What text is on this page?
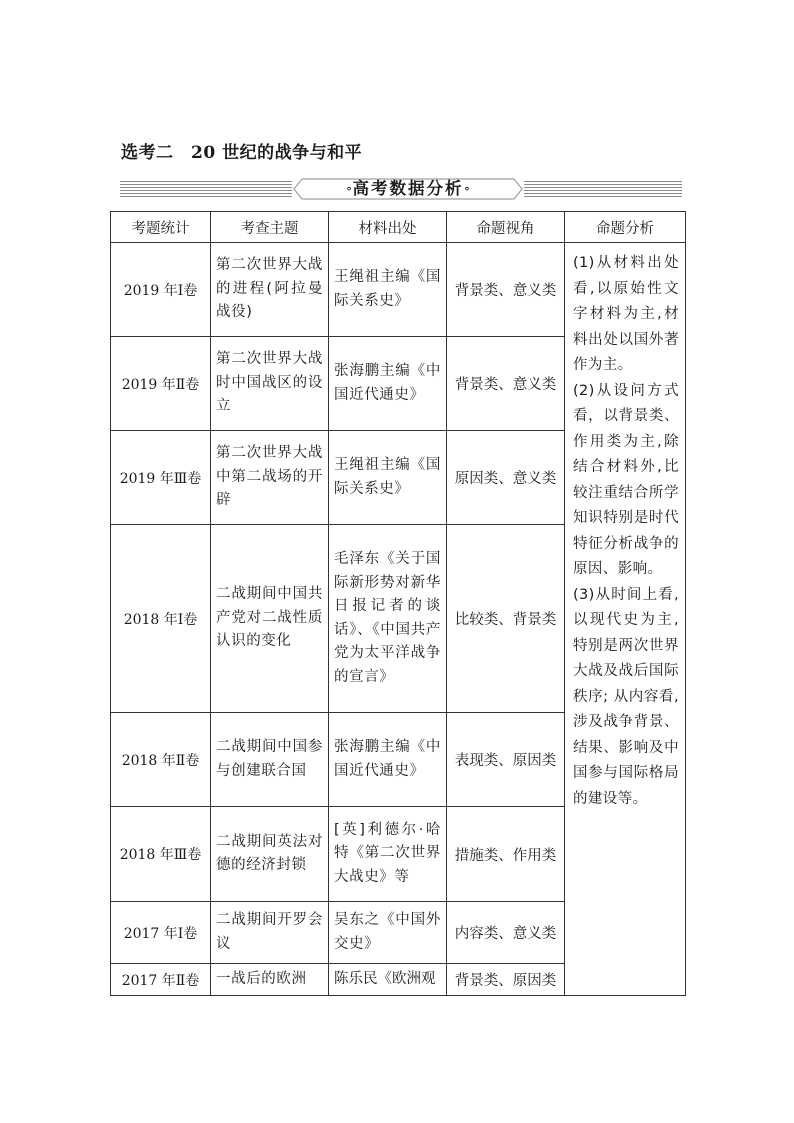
选考二　20 世纪的战争与和平
∘高考数据分析∘
考题统计	考查主题	材料出处	命题视角	命题分析
2019 年Ⅰ卷	第二次世界大战的进程(阿拉曼战役)	王绳祖主编《国际关系史》	背景类、意义类	(1)从材料出处看,以原始性文字材料为主,材料出处以国外著作为主。

(2)从设问方式看，以背景类、作用类为主,除结合材料外,比较注重结合所学知识特别是时代特征分析战争的原因、影响。

(3)从时间上看,以现代史为主,特别是两次世界大战及战后国际秩序; 从内容看,涉及战争背景、结果、影响及中国参与国际格局的建设等。

2019 年Ⅱ卷	第二次世界大战时中国战区的设立	张海鹏主编《中国近代通史》	背景类、意义类	
2019 年Ⅲ卷	第二次世界大战中第二战场的开辟	王绳祖主编《国际关系史》	原因类、意义类	
2018 年Ⅰ卷	二战期间中国共产党对二战性质认识的变化	毛泽东《关于国际新形势对新华日报记者的谈话》、《中国共产党为太平洋战争的宣言》	比较类、背景类	
2018 年Ⅱ卷	二战期间中国参与创建联合国	张海鹏主编《中国近代通史》	表现类、原因类	
2018 年Ⅲ卷	二战期间英法对德的经济封锁	[英]利德尔·哈特《第二次世界大战史》等	措施类、作用类	
2017 年Ⅰ卷	二战期间开罗会议	吴东之《中国外交史》	内容类、意义类	
2017 年Ⅱ卷	一战后的欧洲	陈乐民《欧洲观	背景类、原因类	
